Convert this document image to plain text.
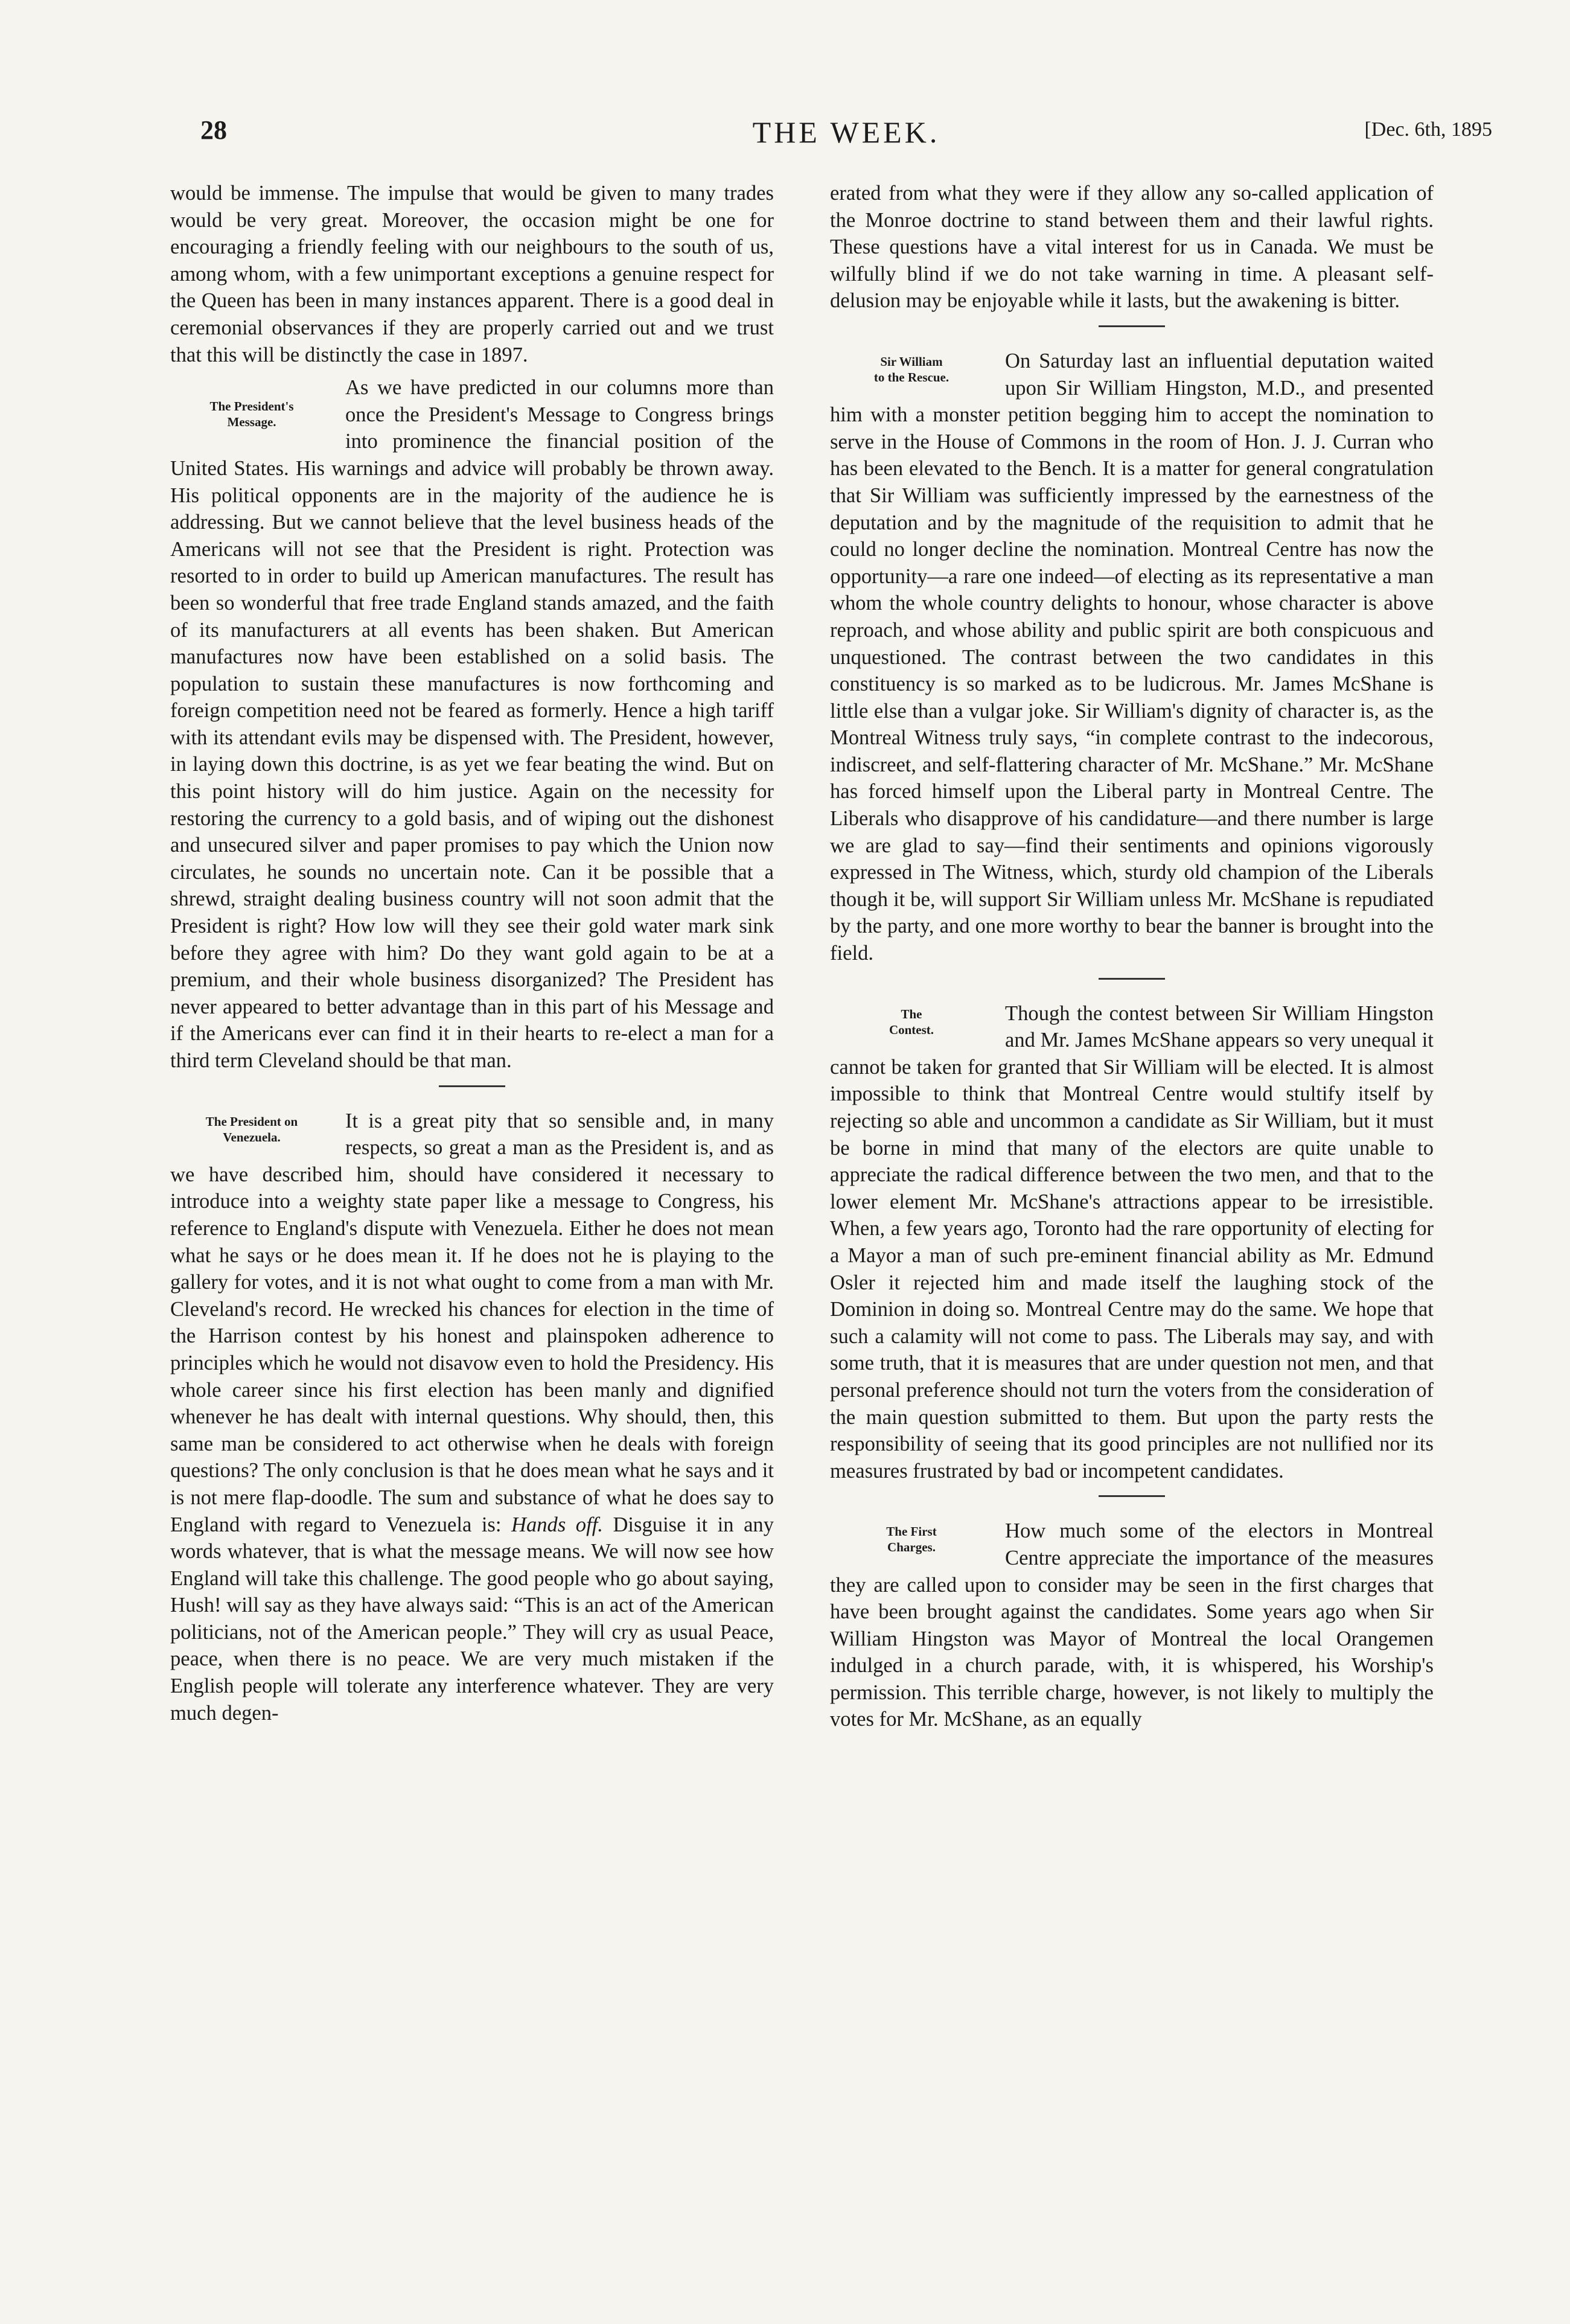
28	THE WEEK.	[Dec. 6th, 1895

would be immense. The impulse that would be given to many trades would be very great. Moreover, the occasion might be one for encouraging a friendly feeling with our neighbours to the south of us, among whom, with a few unimportant exceptions a genuine respect for the Queen has been in many instances apparent. There is a good deal in ceremonial observances if they are properly carried out and we trust that this will be distinctly the case in 1897.

The President's
Message.

As we have predicted in our columns more than once the President's Message to Congress brings into prominence the financial position of the United States. His warnings and advice will probably be thrown away. His political opponents are in the majority of the audience he is addressing. But we cannot believe that the level business heads of the Americans will not see that the President is right. Protection was resorted to in order to build up American manufactures. The result has been so wonderful that free trade England stands amazed, and the faith of its manufacturers at all events has been shaken. But American manufactures now have been established on a solid basis. The population to sustain these manufactures is now forthcoming and foreign competition need not be feared as formerly. Hence a high tariff with its attendant evils may be dispensed with. The President, however, in laying down this doctrine, is as yet we fear beating the wind. But on this point history will do him justice. Again on the necessity for restoring the currency to a gold basis, and of wiping out the dishonest and unsecured silver and paper promises to pay which the Union now circulates, he sounds no uncertain note. Can it be possible that a shrewd, straight dealing business country will not soon admit that the President is right? How low will they see their gold water mark sink before they agree with him? Do they want gold again to be at a premium, and their whole business disorganized? The President has never appeared to better advantage than in this part of his Message and if the Americans ever can find it in their hearts to re-elect a man for a third term Cleveland should be that man.

The President on
Venezuela.

It is a great pity that so sensible and, in many respects, so great a man as the President is, and as we have described him, should have considered it necessary to introduce into a weighty state paper like a message to Congress, his reference to England's dispute with Venezuela. Either he does not mean what he says or he does mean it. If he does not he is playing to the gallery for votes, and it is not what ought to come from a man with Mr. Cleveland's record. He wrecked his chances for election in the time of the Harrison contest by his honest and plainspoken adherence to principles which he would not disavow even to hold the Presidency. His whole career since his first election has been manly and dignified whenever he has dealt with internal questions. Why should, then, this same man be considered to act otherwise when he deals with foreign questions? The only conclusion is that he does mean what he says and it is not mere flap-doodle. The sum and substance of what he does say to England with regard to Venezuela is: Hands off. Disguise it in any words whatever, that is what the message means. We will now see how England will take this challenge. The good people who go about saying, Hush! will say as they have always said: “This is an act of the American politicians, not of the American people.” They will cry as usual Peace, peace, when there is no peace. We are very much mistaken if the English people will tolerate any interference whatever. They are very much degen-

erated from what they were if they allow any so-called application of the Monroe doctrine to stand between them and their lawful rights. These questions have a vital interest for us in Canada. We must be wilfully blind if we do not take warning in time. A pleasant self-delusion may be enjoyable while it lasts, but the awakening is bitter.

Sir William
to the Rescue.

On Saturday last an influential deputation waited upon Sir William Hingston, M.D., and presented him with a monster petition begging him to accept the nomination to serve in the House of Commons in the room of Hon. J. J. Curran who has been elevated to the Bench. It is a matter for general congratulation that Sir William was sufficiently impressed by the earnestness of the deputation and by the magnitude of the requisition to admit that he could no longer decline the nomination. Montreal Centre has now the opportunity—a rare one indeed—of electing as its representative a man whom the whole country delights to honour, whose character is above reproach, and whose ability and public spirit are both conspicuous and unquestioned. The contrast between the two candidates in this constituency is so marked as to be ludicrous. Mr. James McShane is little else than a vulgar joke. Sir William's dignity of character is, as the Montreal Witness truly says, “in complete contrast to the indecorous, indiscreet, and self-flattering character of Mr. McShane.” Mr. McShane has forced himself upon the Liberal party in Montreal Centre. The Liberals who disapprove of his candidature—and there number is large we are glad to say—find their sentiments and opinions vigorously expressed in The Witness, which, sturdy old champion of the Liberals though it be, will support Sir William unless Mr. McShane is repudiated by the party, and one more worthy to bear the banner is brought into the field.

The
Contest.

Though the contest between Sir William Hingston and Mr. James McShane appears so very unequal it cannot be taken for granted that Sir William will be elected. It is almost impossible to think that Montreal Centre would stultify itself by rejecting so able and uncommon a candidate as Sir William, but it must be borne in mind that many of the electors are quite unable to appreciate the radical difference between the two men, and that to the lower element Mr. McShane's attractions appear to be irresistible. When, a few years ago, Toronto had the rare opportunity of electing for a Mayor a man of such pre-eminent financial ability as Mr. Edmund Osler it rejected him and made itself the laughing stock of the Dominion in doing so. Montreal Centre may do the same. We hope that such a calamity will not come to pass. The Liberals may say, and with some truth, that it is measures that are under question not men, and that personal preference should not turn the voters from the consideration of the main question submitted to them. But upon the party rests the responsibility of seeing that its good principles are not nullified nor its measures frustrated by bad or incompetent candidates.

The First
Charges.

How much some of the electors in Montreal Centre appreciate the importance of the measures they are called upon to consider may be seen in the first charges that have been brought against the candidates. Some years ago when Sir William Hingston was Mayor of Montreal the local Orangemen indulged in a church parade, with, it is whispered, his Worship's permission. This terrible charge, however, is not likely to multiply the votes for Mr. McShane, as an equally
